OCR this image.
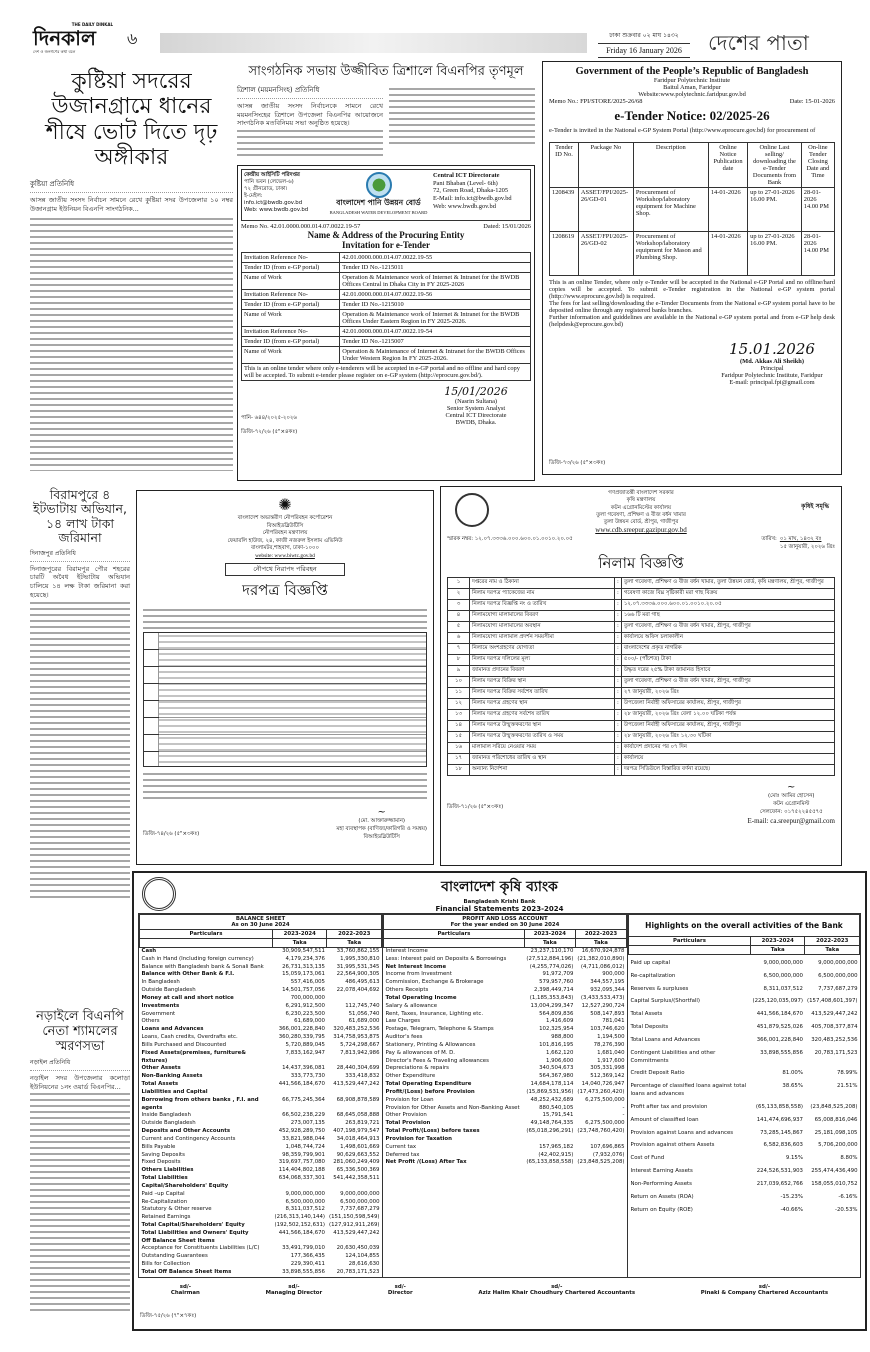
THE DAILY DINKAL
দিনকাল
দেশ ও জনগণের কথা বলে
৬	ঢাকা শুক্রবার ০২ মাঘ ১৪৩২
Friday 16 January 2026	দেশের পাতা
কুষ্টিয়া সদরের উজানগ্রামে ধানের শীষে ভোট দিতে দৃঢ় অঙ্গীকার
কুষ্টিয়া প্রতিনিধি
আসন্ন জাতীয় সংসদ নির্বাচন সামনে রেখে কুষ্টিয়া সদর উপজেলার ১০ নম্বর উজানগ্রাম ইউনিয়ন বিএনপি সাংগঠনিক...
সাংগঠনিক সভায় উজ্জীবিত ত্রিশালে বিএনপির তৃণমূল
ত্রিশাল (ময়মনসিংহ) প্রতিনিধি
আসন্ন জাতীয় সংসদ নির্বাচনকে সামনে রেখে ময়মনসিংহের ত্রিশালে উপজেলা বিএনপির আয়োজনে সাংগঠনিক মতবিনিময় সভা অনুষ্ঠিত হয়েছে।
কেন্দ্রীয় আইসিটি পরিদপ্তর
পানি ভবন (লেভেল-৬)
৭২ গ্রীনরোড, ঢাকা।
ই-মেইল:
info.ict@bwdb.gov.bd
Web: www.bwdb.gov.bd
বাংলাদেশ পানি উন্নয়ন বোর্ড
BANGLADESH WATER DEVELOPMENT BOARD
Central ICT Directorate
Pani Bhaban (Level- 6th)
72, Green Road, Dhaka-1205
E-Mail: info.ict@bwdb.gov.bd
Web: www.bwdb.gov.bd
Memo No. 42.01.0000.000.014.07.0022.19-57	Dated: 15/01/2026
Name & Address of the Procuring Entity
Invitation for e-Tender
Invitation Reference No-	42.01.0000.000.014.07.0022.19-55
Tender ID (from e-GP portal)	Tender ID No.-1215011
Name of Work	Operation & Maintenance work of Internet & Intranet for the BWDB Offices Central in Dhaka City in FY 2025-2026
Invitation Reference No-	42.01.0000.000.014.07.0022.19-56
Tender ID (from e-GP portal)	Tender ID No.-1215010
Name of Work	Operation & Maintenance work of Internet & Intranet for the BWDB Offices Under Eastern Region in FY 2025-2026.
Invitation Reference No-	42.01.0000.000.014.07.0022.19-54
Tender ID (from e-GP portal)	Tender ID No.-1215007
Name of Work	Operation & Maintenance of Internet & Intranet for the BWDB Offices Under Western Region In FY 2025-2026.
This is an online tender where only e-tenderers will be accepted in e-GP portal and no offline and hard copy will be accepted. To submit e-tender please register on e-GP system (http://eprocure.gov.bd/).
পানি- ৬৪৪/২০২৫-২০২৬
ডিজি-৭২/২৬ (৫"×৪কঃ)
15/01/2026
(Nasrin Sultana)
Senior System Analyst
Central ICT Directorate
BWDB, Dhaka.
Government of the People’s Republic of Bangladesh
Faridpur Polytechnic Institute
Baitul Aman, Faridpur
Website:www.polytechnic.faridpur.gov.bd
Memo No.: FPI/STORE/2025-26/68	Date: 15-01-2026
e-Tender Notice: 02/2025-26
e-Tender is invited in the National e-GP System Portal (http://www.eprocure.gov.bd) for procurement of
Tender ID No.	Package No	Description	Online Notice Publication date	Online Last selling/ downloading the e-Tender Documents from Bank	On-line Tender Closing Date and Time
1208439	ASSET/FPI/2025-26/GD-01	Procurement of Workshop/laboratory equipment for Machine Shop.	14-01-2026	up to 27-01-2026 16.00 PM.	28-01-2026 14.00 PM
1208619	ASSET/FPI/2025-26/GD-02	Procurement of Workshop/laboratory equipment for Mason and Plumbing Shop.	14-01-2026	up to 27-01-2026 16.00 PM.	28-01-2026 14.00 PM
This is an online Tender, where only e-Tender will be accepted in the National e-GP Portal and no offline/hard copies will be accepted. To submit e-Tender registration in the National e-GP system portal (http://www.eprocure.gov.bd) is required.
The fees for last selling/downloading the e-Tender Documents from the National e-GP system portal have to be deposited online through any registered banks branches.
Further information and guiddelines are available in the National e-GP system portal and from e-GP help desk (helpdesk@eprocure.gov.bd)
15.01.2026
(Md. Akkas Ali Sheikh)
Principal
Faridpur Polytechnic Institute, Faridpur
E-mail: principal.fpi@gmail.com
ডিজি-৭৩/২৬ (৫"×৩কঃ)
বিরামপুরে ৪ ইটভাটায় অভিযান, ১৪ লাখ টাকা জরিমানা
দিনাজপুর প্রতিনিধি
দিনাজপুরের বিরামপুর পৌর শহরের চারটি অবৈধ ইটভাটায় অভিযান চালিয়ে ১৪ লক্ষ টাকা জরিমানা করা হয়েছে।
✺
বাংলাদেশ অভ্যন্তরীণ নৌপরিবহন কর্পোরেশন
বিআইডব্লিউটিসি
নৌপরিবহন মন্ত্রণালয়
ফেয়ারলি হাউজ, ২৪, কাজী নজরুল ইসলাম এভিনিউ
বাংলামটর,শাহবাগ, ঢাকা-১০০০
website: www.biwtc.gov.bd
নৌপথে নিরাপদ পরিবহন
দরপত্র বিজ্ঞপ্তি
ডিজি-৭৪/২৬ (৫"×৩কঃ)
~
(মো. আক্তারুজ্জামান)
মহা ব্যবস্থাপক (বাণিজ্য/কারিগরি ও সমন্বয়)
বিআইডব্লিউটিসি
কৃষিই সমৃদ্ধি
গণপ্রজাতন্ত্রী বাংলাদেশ সরকার
কৃষি মন্ত্রণালয়
কটন এগ্রোনমিস্টের কার্যালয়
তুলা গবেষণা, প্রশিক্ষণ ও বীজ বর্ধন খামার
তুলা উন্নয়ন বোর্ড, শ্রীপুর, গাজীপুর
www.cdb.sreepur.gazipur.gov.bd
স্মারক নম্বর: ১২.০৭.৩৩৩৬.০০০.৬০০.০১.০০১০.২০.০৫	তারিখ: ০১ মাঘ, ১৪৩২ বঃ
১৫ জানুয়ারী, ২০২৬ খ্রিঃ
নিলাম বিজ্ঞপ্তি
১	দপ্তরের নাম ও ঠিকানা	:	তুলা গবেষণা, প্রশিক্ষণ ও বীজ বর্ধন খামার, তুলা উন্নয়ন বোর্ড, কৃষি মন্ত্রণালয়, শ্রীপুর, গাজীপুর
২	নিলাম দরপত্র প্যাকেজের নাম	:	গবেষণা কাজে বিঘ্ন সৃষ্টিকারী মরা গাছ বিক্রয়
৩	নিলাম দরপত্র বিজ্ঞপ্তি নং ও তারিখ	:	১২.০৭.৩৩৩৬.০০০.৬০০.০১.০০১০.২০.০৫
৪	নিলামযোগ্য মালামালের বিবরণ	:	১৬৬ টি মরা গাছ
৫	নিলামযোগ্য মালামালের অবস্থান	:	তুলা গবেষণা, প্রশিক্ষণ ও বীজ বর্ধন খামার, শ্রীপুর, গাজীপুর
৬	নিলামযোগ্য মালামাল প্রদর্শন সময়সীমা	:	কার্যালয়ে অফিস চলাকালীন
৭	নিলামে অংশগ্রহণের যোগ্যতা	:	বাংলাদেশের প্রকৃত নাগরিক
৮	নিলাম দরপত্র দলিলের মূল্য	:	৫০০/- (পাঁচশত) টাকা
৯	জামানত প্রদানের বিবরণ	:	উদ্ধৃত দরের ২৫% টাকা জামানত হিসাবে
১০	নিলাম দরপত্র বিক্রির স্থান	:	তুলা গবেষণা, প্রশিক্ষণ ও বীজ বর্ধন খামার, শ্রীপুর, গাজীপুর
১১	নিলাম দরপত্র বিক্রির সর্বশেষ তারিখ	:	২৭ জানুয়ারী, ২০২৬ খ্রিঃ
১২	নিলাম দরপত্র গ্রহণের স্থান	:	উপজেলা নির্বাহী অফিসারের কার্যালয়, শ্রীপুর, গাজীপুর
১৩	নিলাম দরপত্র গ্রহণের সর্বশেষ তারিখ	:	২৮ জানুয়ারী, ২০২৬ খ্রিঃ বেলা ১২.০০ ঘটিকা পর্যন্ত
১৪	নিলাম দরপত্র উন্মুক্তকরণের স্থান	:	উপজেলা নির্বাহী অফিসারের কার্যালয়, শ্রীপুর, গাজীপুর
১৫	নিলাম দরপত্র উন্মুক্তকরণের তারিখ ও সময়	:	২৮ জানুয়ারী, ২০২৬ খ্রিঃ ১২.৩০ ঘটিকা
১৬	মালামাল সরিয়ে নেওয়ার সময়	:	কার্যাদেশ প্রদানের পর ০৭ দিন
১৭	জামানত পরিশোধের তারিখ ও স্থান	:	কার্যালয়ে
১৮	অন্যান্য নির্দেশনা	:	দরপত্র সিডিউলে বিস্তারিত বর্ণনা রয়েছে।
ডিজি-৭১/২৬ (৫"×৩কঃ)
~
(মোঃ আমির হোসেন)
কটন এগ্রোনমিস্ট
সেলফোন: ০১৭৫২২৪৫৫৭৫
E-mail: ca.sreepur@gmail.com
নড়াইলে বিএনপি নেতা শ্যামলের স্মরণসভা
নড়াইল প্রতিনিধি
নড়াইল সদর উপজেলার কলোড়া ইউনিয়নের ১নং ওয়ার্ড বিএনপির...
বাংলাদেশ কৃষি ব্যাংক
Bangladesh Krishi Bank
Financial Statements 2023-2024
BALANCE SHEET
As on 30 June 2024		

Particulars	2023-2024	2022-2023
	Taka	Taka
Cash	30,909,547,511	33,760,862,155
Cash in Hand (Including foreign currency)	4,179,234,376	1,995,330,810
Balance with Bangladesh bank & Sonali Bank	26,731,313,135	31,995,531,345
Balance with Other Bank & F.I.	15,059,173,061	22,564,900,305
In Bangladesh	557,416,005	486,495,613
Outside Bangladesh	14,501,757,056	22,078,404,692
Money at call and short notice	700,000,000	
Investments	6,291,912,500	112,745,740
Government	6,230,223,500	51,056,740
Others	61,689,000	61,689,000
Loans and Advances	366,001,228,840	320,483,252,536
Loans, Cash credits, Overdrafts etc.	360,280,339,795	314,758,953,875
Bills Purchased and Discounted	5,720,889,045	5,724,298,667
Fixed Assets(premises, furniture& fixtures)	7,833,162,947	7,813,942,986
Other Assets	14,437,396,081	28,440,304,699
Non-Banking Assets	333,773,730	333,418,832
Total Assets	441,566,184,670	413,529,447,242
Liabilities and Capital		
Borrowing from others banks , F.I. and agents	66,775,245,364	68,908,878,589
Inside Bangladesh	66,502,238,229	68,645,058,888
Outside Bangladesh	273,007,135	263,819,721
Deposits and Other Accounts	452,928,289,750	407,198,979,547
Current and Contingency Accounts	33,821,988,044	34,018,464,913
Bills Payable	1,048,744,724	1,498,601,669
Saving Deposits	98,359,799,901	90,629,663,552
Fixed Deposits	319,697,757,080	281,060,249,409
Others Liabilities	114,404,802,188	65,336,500,369
Total Liabilities	634,068,337,301	541,442,358,511
Capital/Shareholders' Equity		
Paid –up Capital	9,000,000,000	9,000,000,000
Re-Capitalization	6,500,000,000	6,500,000,000
Statutory & Other reserve	8,311,037,512	7,737,687,279
Retained Earnings	(216,313,140,144)	(151,150,598,549)
Total Capital/Shareholders' Equity	(192,502,152,631)	(127,912,911,269)
Total Liabilities and Owners' Equity	441,566,184,670	413,529,447,242
Off Balance Sheet Items		
Acceptance for Constituents Liabilities (L/C)	33,491,799,010	20,630,450,039
Outstanding Guarantees	177,366,435	124,104,855
Bills for Collection	229,390,411	28,616,630
Total Off Balance Sheet Items	33,898,555,856	20,783,171,523
PROFIT AND LOSS ACCOUNT
For the year ended on 30 June 2024		

Particulars	2023-2024	2022-2023
	Taka	Taka
Interest Income	23,237,110,170	16,670,924,878
Less: Interest paid on Deposits & Borrowings	(27,512,884,196)	(21,382,010,890)
Net Interest Income	(4,255,774,026)	(4,711,086,012)
Income from Investment	91,972,709	900,000
Commission, Exchange & Brokerage	579,957,760	344,557,195
Others Receipts	2,398,449,714	932,095,344
Total Operating Income	(1,185,353,843)	(3,433,533,473)
Salary & allowance	13,004,299,347	12,527,290,724
Rent, Taxes, Insurance, Lighting etc.	564,809,836	508,147,893
Law Charges	1,416,609	781,041
Postage, Telegram, Telephone & Stamps	102,325,954	103,746,620
Auditor's fees	988,800	1,194,500
Stationery, Printing & Allowances	101,816,195	78,276,390
Pay & allowances of M. D.	1,662,120	1,681,040
Director's Fees & Traveling allowances	1,906,600	1,917,600
Depreciations & repairs	340,504,673	305,331,998
Other Expenditure	564,367,980	512,369,142
Total Operating Expenditure	14,684,178,114	14,040,726,947
Profit/(Loss) before Provision	(15,869,531,956)	(17,473,260,420)
Provision for Loan	48,252,432,689	6,275,500,000
Provision for Other Assets and Non-Banking Asset	880,540,105	-
Other Provision	15,791,541	-
Total Provision	49,148,764,335	6,275,500,000
Total Profit/(Loss) before taxes	(65,018,296,291)	(23,748,760,420)
Provision for Taxation		
Current tax	157,965,182	107,696,865
Deferred tax	(42,402,915)	(7,932,076)
Net Profit /(Loss) After Tax	(65,133,858,558)	(23,848,525,208)
Highlights on the overall activities of the Bank		

Particulars	2023-2024	2022-2023
	Taka	Taka
Paid up capital	9,000,000,000	9,000,000,000
Re-capitalization	6,500,000,000	6,500,000,000
Reserves & surpluses	8,311,037,512	7,737,687,279
Capital Surplus/(Shortfall)	(225,120,035,097)	(157,408,601,397)
Total Assets	441,566,184,670	413,529,447,242
Total Deposits	451,879,525,026	405,708,377,874
Total Loans and Advances	366,001,228,840	320,483,252,536
Contingent Liabilities and other Commitments	33,898,555,856	20,783,171,523
Credit Deposit Ratio	81.00%	78.99%
Percentage of classified loans against total loans and advances	38.65%	21.51%
Profit after tax and provision	(65,133,858,558)	(23,848,525,208)
Amount of classified loan	141,474,696,937	65,008,816,046
Provision against Loans and advances	73,285,145,867	25,181,098,105
Provision against others Assets	6,582,836,603	5,706,200,000
Cost of Fund	9.15%	8.80%
Interest Earning Assets	224,526,531,903	255,474,436,490
Non-Performing Assets	217,039,652,766	158,055,010,752
Return on Assets (ROA)	-15.23%	-6.16%
Return on Equity (ROE)	-40.66%	-20.53%
sd/-
Chairman
sd/-
Managing Director
sd/-
Director
sd/-
Aziz Halim Khair Choudhury Chartered Accountants
sd/-
Pinaki & Company Chartered Accountants
ডিজি-৭৫/২৬ (৭"×৭কঃ)
